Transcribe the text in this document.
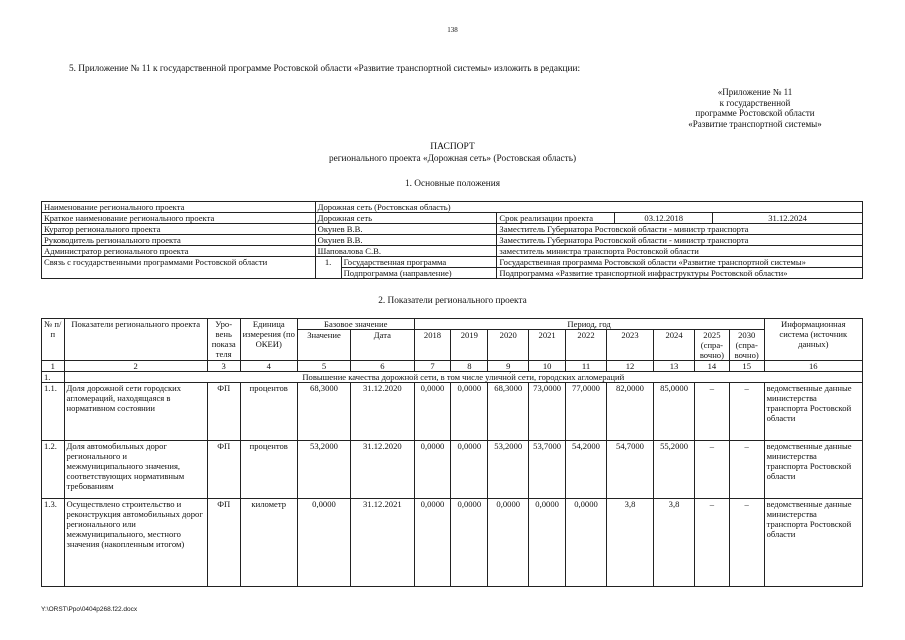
138
5. Приложение № 11 к государственной программе Ростовской области «Развитие транспортной системы» изложить в редакции:
«Приложение № 11
к государственной
программе Ростовской области
«Развитие транспортной системы»
ПАСПОРТ
регионального проекта «Дорожная сеть» (Ростовская область)
1. Основные положения
Наименование регионального проекта	Дорожная сеть (Ростовская область)				
Краткое наименование регионального проекта	Дорожная сеть		Срок реализации проекта	03.12.2018	31.12.2024
Куратор регионального проекта	Окунев В.В.		Заместитель Губернатора Ростовской области - министр транспорта		
Руководитель регионального проекта	Окунев В.В.		Заместитель Губернатора Ростовской области - министр транспорта		
Администратор регионального проекта	Шаповалова С.В.		заместитель министра транспорта Ростовской области		
Связь с государственными программами Ростовской области	1.	Государственная программа	Государственная программа Ростовской области «Развитие транспортной системы»		
		Подпрограмма (направление)	Подпрограмма «Развитие транспортной инфраструктуры Ростовской области»		
2. Показатели регионального проекта
№ п/п	Показатели регионального проекта	Уро- вень показа теля	Единица измерения (по ОКЕИ)	Базовое значение		Период, год									Информационная система (источник данных)
				Значение	Дата	2018	2019	2020	2021	2022	2023	2024	2025 (спра- вочно)	2030 (спра- вочно)	
1	2	3	4	5	6	7	8	9	10	11	12	13	14	15	16
1.	Повышение качества дорожной сети, в том числе улично́й сети, городских агломераций														
1.1.	Доля дорожной сети городских агломераций, находящаяся в нормативном состоянии	ФП	процентов	68,3000	31.12.2020	0,0000	0,0000	68,3000	73,0000	77,0000	82,0000	85,0000	–	–	ведомственные данные министерства транспорта Ростовской области
1.2.	Доля автомобильных дорог регионального и межмуниципального значения, соответствующих нормативным требованиям	ФП	процентов	53,2000	31.12.2020	0,0000	0,0000	53,2000	53,7000	54,2000	54,7000	55,2000	–	–	ведомственные данные министерства транспорта Ростовской области
1.3.	Осуществлено строительство и реконструкция автомобильных дорог регионального или межмуниципального, местного значения (накопленным итогом)	ФП	километр	0,0000	31.12.2021	0,0000	0,0000	0,0000	0,0000	0,0000	3,8	3,8	–	–	ведомственные данные министерства транспорта Ростовской области
Y:\ORST\Ppo\0404p268.f22.docx
